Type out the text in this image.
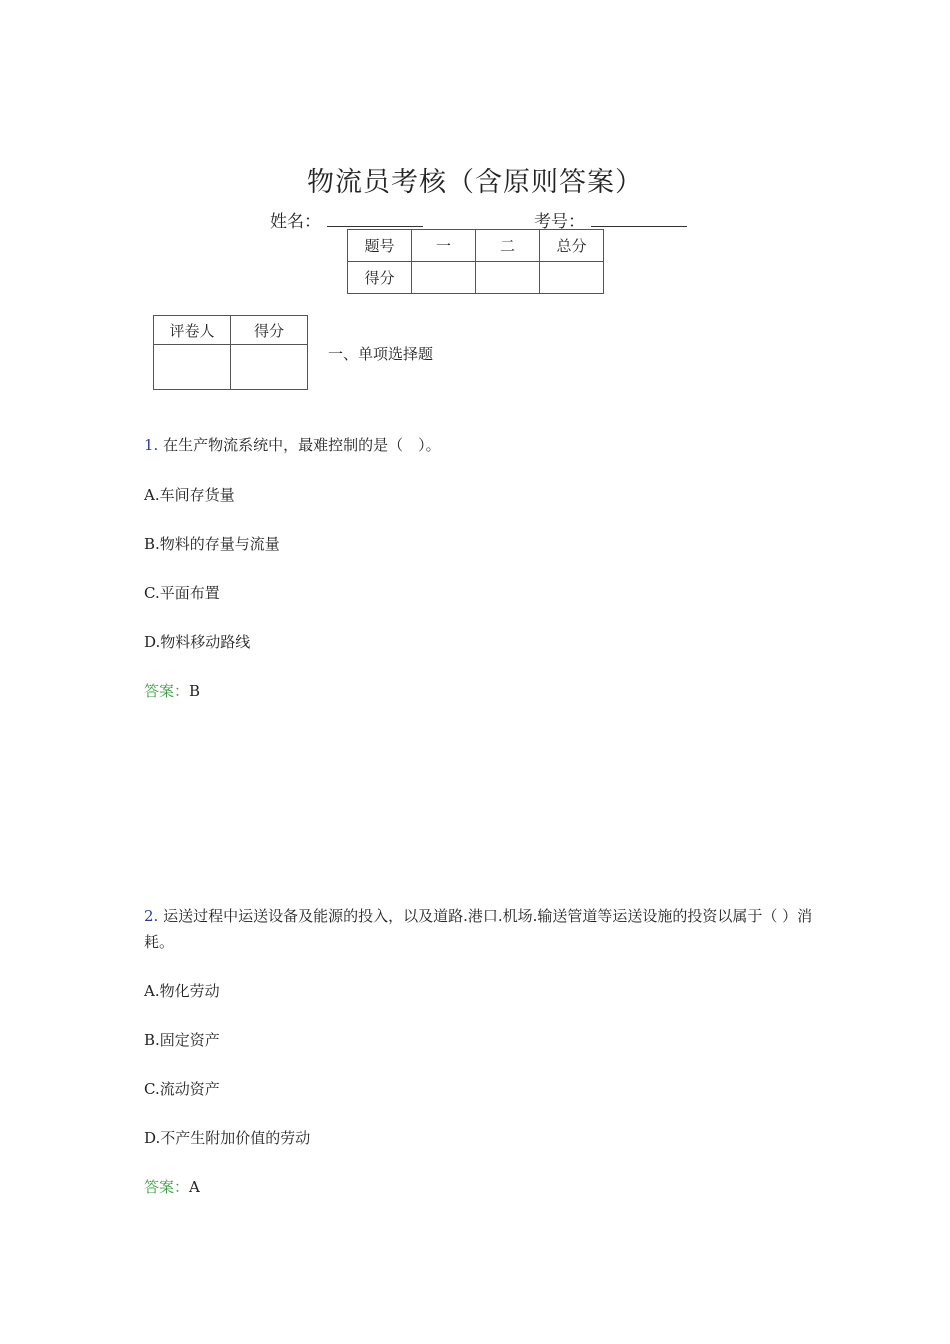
物流员考核（含原则答案）
姓名：	考号：
题号	一	二	总分
得分			
评卷人	得分

一、单项选择题
1. 在生产物流系统中，最难控制的是（　）。
A.车间存货量
B.物料的存量与流量
C.平面布置
D.物料移动路线
答案：B
2. 运送过程中运送设备及能源的投入，以及道路.港口.机场.输送管道等运送设施的投资以属于（ ）消耗。
A.物化劳动
B.固定资产
C.流动资产
D.不产生附加价值的劳动
答案：A
